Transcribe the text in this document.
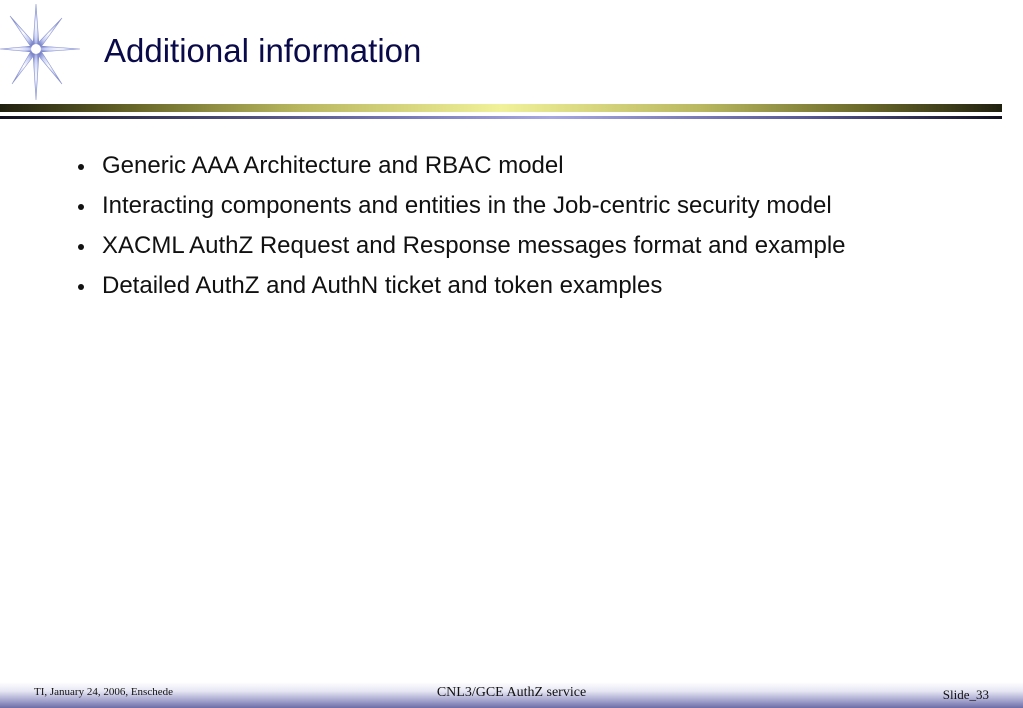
Additional information
Generic AAA Architecture and RBAC model
Interacting components and entities in the Job-centric security model
XACML AuthZ Request and Response messages format and example
Detailed AuthZ and AuthN ticket and token examples
TI, January 24, 2006, Enschede	CNL3/GCE AuthZ service	Slide_33
